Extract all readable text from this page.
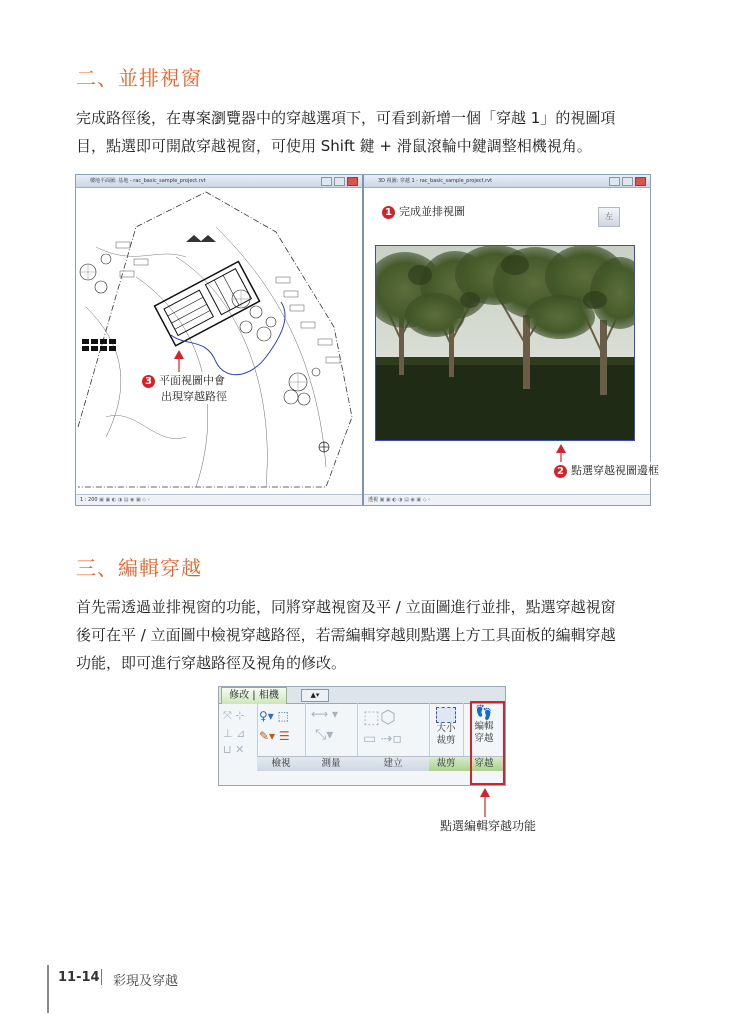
二、並排視窗
完成路徑後，在專案瀏覽器中的穿越選項下，可看到新增一個「穿越 1」的視圖項
目，點選即可開啟穿越視窗，可使用 Shift 鍵 + 滑鼠滾輪中鍵調整相機視角。
樓地平面圖: 基地 - rac_basic_sample_project.rvt
3 平面視圖中會
出現穿越路徑
1 : 200 ▣ ▣ ◐ ◑ ▤ ◉ ▣ ◇ ‹
3D 視圖: 穿越 1 - rac_basic_sample_project.rvt
1 完成並排視圖	左
2 點選穿越視圖邊框
透視 ▣ ▣ ◐ ◑ ▤ ◉ ▣ ◇ ‹
三、編輯穿越
首先需透過並排視窗的功能，同將穿越視窗及平 / 立面圖進行並排，點選穿越視窗
後可在平 / 立面圖中檢視穿越路徑，若需編輯穿越則點選上方工具面板的編輯穿越
功能，即可進行穿越路徑及視角的修改。
修改 | 相機	▲▾
⤧ ⊹
⊥ ⊿
⊔ ✕
♀▾ ⬚
✎▾ ☰
檢視
⟷ ▾
⤡▾
測量
⬚⬡
▭ ⇢▫
建立
大小
裁剪
裁剪
👣
編輯
穿越
穿越
點選編輯穿越功能
11-14 彩現及穿越
